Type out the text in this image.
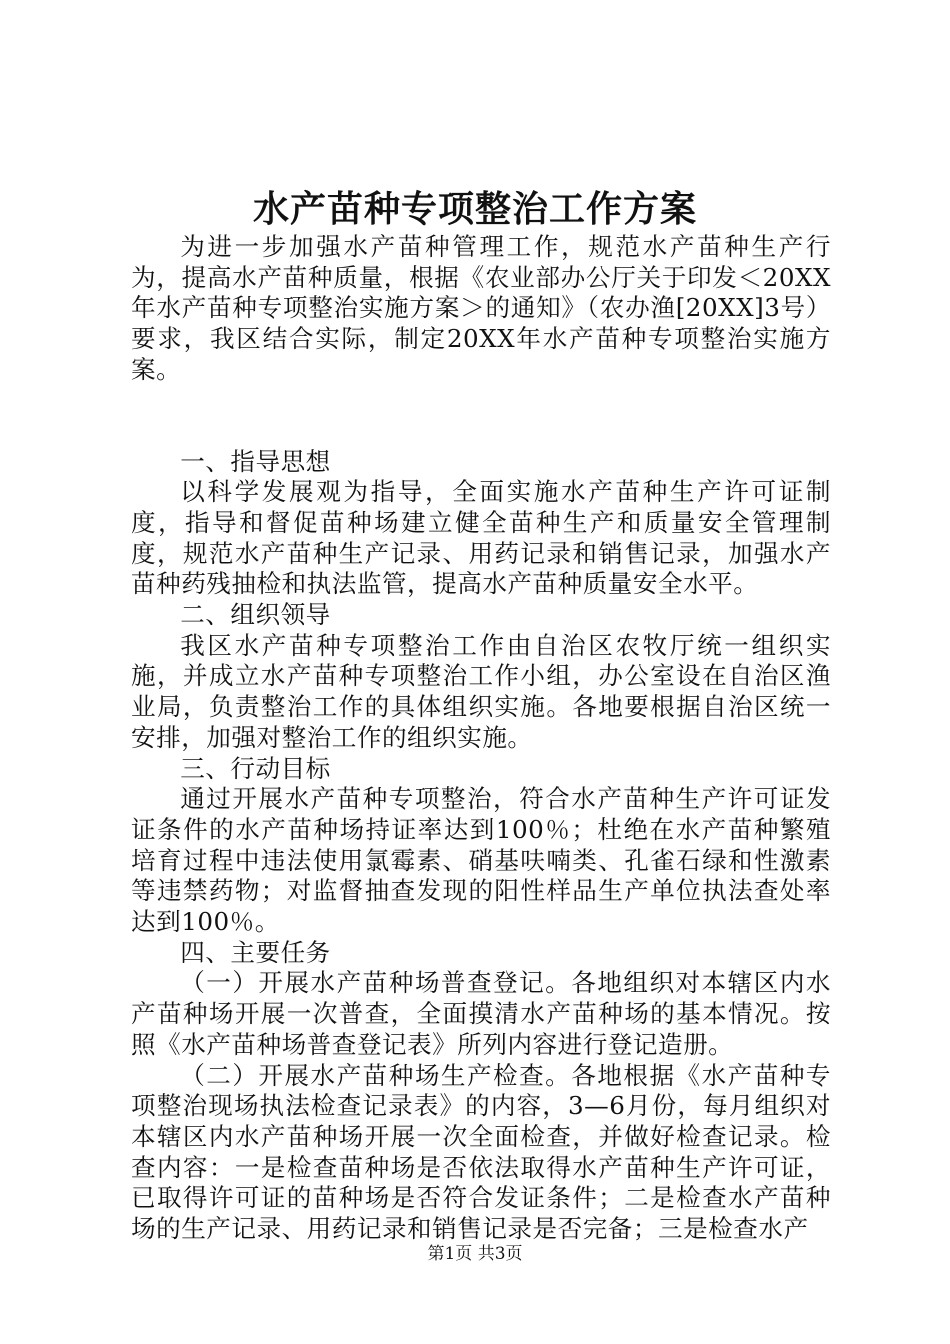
水产苗种专项整治工作方案

为进一步加强水产苗种管理工作，规范水产苗种生产行为，提高水产苗种质量，根据《农业部办公厅关于印发＜20XX年水产苗种专项整治实施方案＞的通知》（农办渔[20XX]3号）要求，我区结合实际，制定20XX年水产苗种专项整治实施方案。

一、指导思想

以科学发展观为指导，全面实施水产苗种生产许可证制度，指导和督促苗种场建立健全苗种生产和质量安全管理制度，规范水产苗种生产记录、用药记录和销售记录，加强水产苗种药残抽检和执法监管，提高水产苗种质量安全水平。

二、组织领导

我区水产苗种专项整治工作由自治区农牧厅统一组织实施，并成立水产苗种专项整治工作小组，办公室设在自治区渔业局，负责整治工作的具体组织实施。各地要根据自治区统一安排，加强对整治工作的组织实施。

三、行动目标

通过开展水产苗种专项整治，符合水产苗种生产许可证发证条件的水产苗种场持证率达到100％；杜绝在水产苗种繁殖培育过程中违法使用氯霉素、硝基呋喃类、孔雀石绿和性激素等违禁药物；对监督抽查发现的阳性样品生产单位执法查处率达到100％。

四、主要任务

（一）开展水产苗种场普查登记。各地组织对本辖区内水产苗种场开展一次普查，全面摸清水产苗种场的基本情况。按照《水产苗种场普查登记表》所列内容进行登记造册。

（二）开展水产苗种场生产检查。各地根据《水产苗种专项整治现场执法检查记录表》的内容，3—6月份，每月组织对本辖区内水产苗种场开展一次全面检查，并做好检查记录。检查内容：一是检查苗种场是否依法取得水产苗种生产许可证，已取得许可证的苗种场是否符合发证条件；二是检查水产苗种场的生产记录、用药记录和销售记录是否完备；三是检查水产

第1页 共3页
